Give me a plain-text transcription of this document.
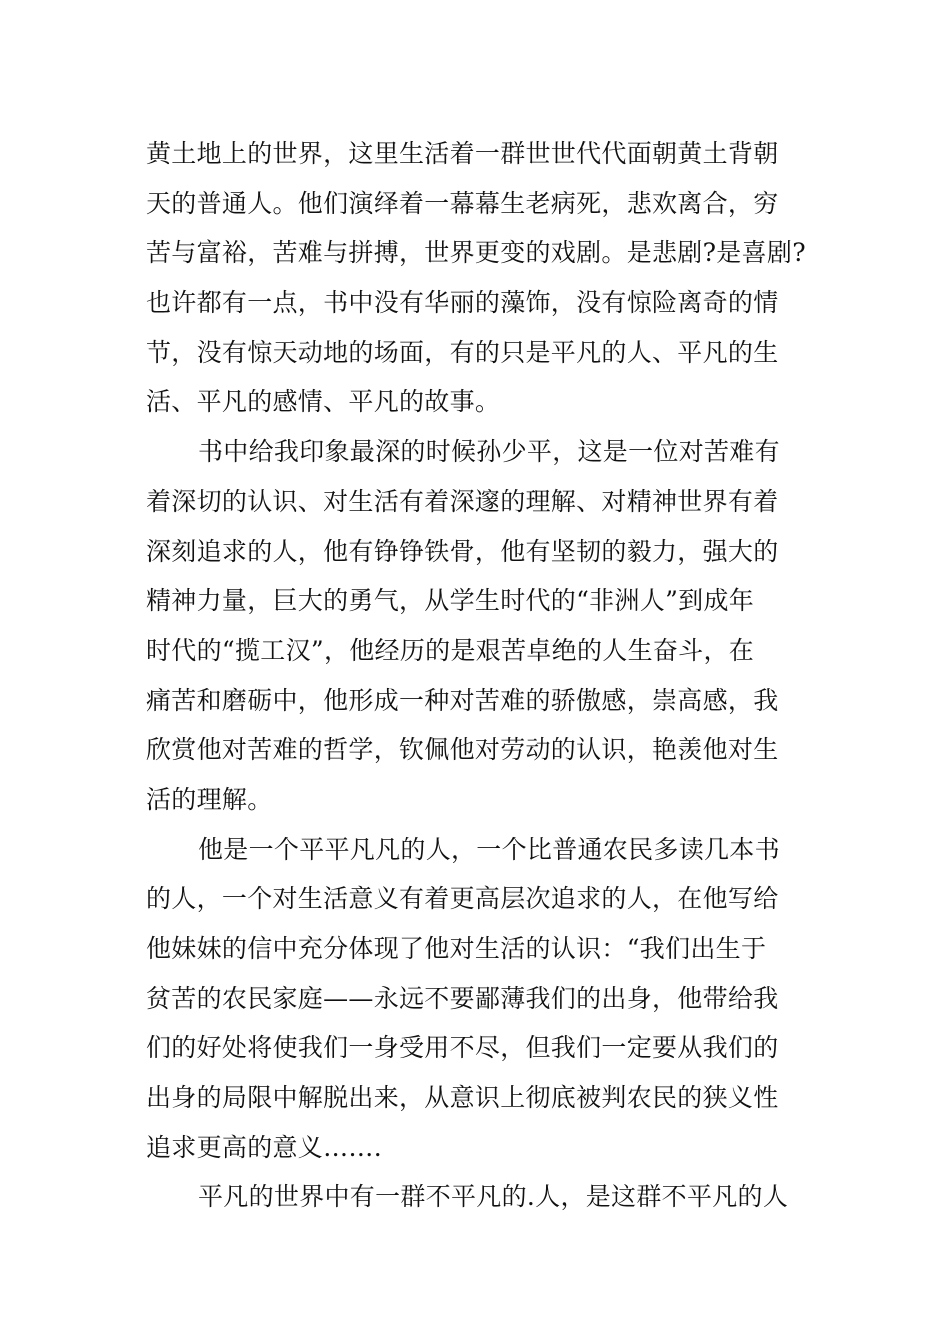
黄土地上的世界，这里生活着一群世世代代面朝黄土背朝
天的普通人。他们演绎着一幕幕生老病死，悲欢离合，穷
苦与富裕，苦难与拼搏，世界更变的戏剧。是悲剧?是喜剧?
也许都有一点，书中没有华丽的藻饰，没有惊险离奇的情
节，没有惊天动地的场面，有的只是平凡的人、平凡的生
活、平凡的感情、平凡的故事。
书中给我印象最深的时候孙少平，这是一位对苦难有
着深切的认识、对生活有着深邃的理解、对精神世界有着
深刻追求的人，他有铮铮铁骨，他有坚韧的毅力，强大的
精神力量，巨大的勇气，从学生时代的“非洲人”到成年
时代的“揽工汉”，他经历的是艰苦卓绝的人生奋斗，在
痛苦和磨砺中，他形成一种对苦难的骄傲感，崇高感，我
欣赏他对苦难的哲学，钦佩他对劳动的认识，艳羡他对生
活的理解。
他是一个平平凡凡的人，一个比普通农民多读几本书
的人，一个对生活意义有着更高层次追求的人，在他写给
他妹妹的信中充分体现了他对生活的认识：“我们出生于
贫苦的农民家庭——永远不要鄙薄我们的出身，他带给我
们的好处将使我们一身受用不尽，但我们一定要从我们的
出身的局限中解脱出来，从意识上彻底被判农民的狭义性
追求更高的意义…….
平凡的世界中有一群不平凡的.人，是这群不平凡的人
